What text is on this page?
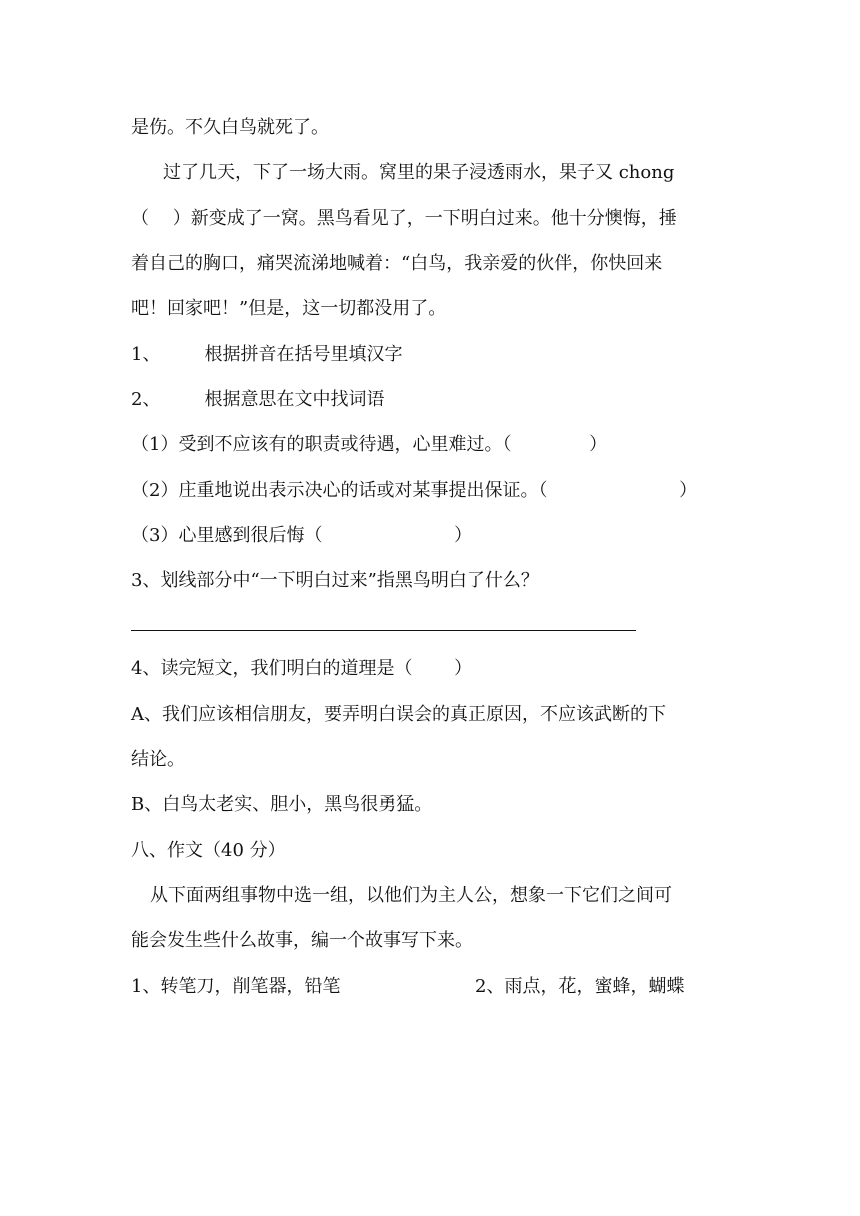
是伤。不久白鸟就死了。
过了几天，下了一场大雨。窝里的果子浸透雨水，果子又 chong
（　 ）新变成了一窝。黑鸟看见了，一下明白过来。他十分懊悔，捶
着自己的胸口，痛哭流涕地喊着：“白鸟，我亲爱的伙伴，你快回来
吧！回家吧！”但是，这一切都没用了。
1、 根据拼音在括号里填汉字
2、 根据意思在文中找词语
（1）受到不应该有的职责或待遇，心里难过。（　　　　 ）
（2）庄重地说出表示决心的话或对某事提出保证。（　　　　　　　 ）
（3）心里感到很后悔（　　　　　　　 ）
3、划线部分中“一下明白过来”指黑鸟明白了什么？
4、读完短文，我们明白的道理是（　　 ）
A、我们应该相信朋友，要弄明白误会的真正原因，不应该武断的下
结论。
B、白鸟太老实、胆小，黑鸟很勇猛。
八、作文（40 分）
从下面两组事物中选一组，以他们为主人公，想象一下它们之间可
能会发生些什么故事，编一个故事写下来。
1、转笔刀，削笔器，铅笔	2、雨点，花，蜜蜂，蝴蝶
